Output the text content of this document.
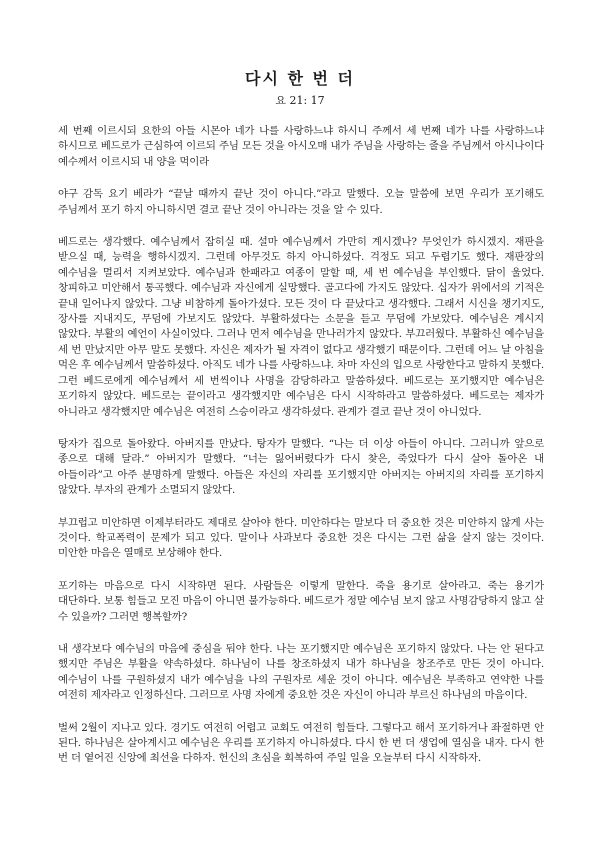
다시 한 번 더
요 21: 17

세 번째 이르시되 요한의 아들 시몬아 네가 나를 사랑하느냐 하시니 주께서 세 번째 네가 나를 사랑하느냐 하시므로 베드로가 근심하여 이르되 주님 모든 것을 아시오매 내가 주님을 사랑하는 줄을 주님께서 아시나이다 예수께서 이르시되 내 양을 먹이라

야구 감독 요기 베라가 “끝날 때까지 끝난 것이 아니다.”라고 말했다. 오늘 말씀에 보면 우리가 포기해도 주님께서 포기 하지 아니하시면 결코 끝난 것이 아니라는 것을 알 수 있다.

베드로는 생각했다. 예수님께서 잡히실 때. 설마 예수님께서 가만히 계시겠나? 무엇인가 하시겠지. 재판을 받으실 때, 능력을 행하시겠지. 그런데 아무것도 하지 아니하셨다. 걱정도 되고 두렵기도 했다. 재판장의 예수님을 멀리서 지켜보았다. 예수님과 한패라고 여종이 말할 때, 세 번 예수님을 부인했다. 닭이 울었다. 창피하고 미안해서 통곡했다. 예수님과 자신에게 실망했다. 골고다에 가지도 않았다. 십자가 위에서의 기적은 끝내 일어나지 않았다. 그냥 비참하게 돌아가셨다. 모든 것이 다 끝났다고 생각했다. 그래서 시신을 챙기지도, 장사를 지내지도, 무덤에 가보지도 않았다. 부활하셨다는 소문을 듣고 무덤에 가보았다. 예수님은 계시지 않았다. 부활의 예언이 사실이었다. 그러나 먼저 예수님을 만나러가지 않았다. 부끄러웠다. 부활하신 예수님을 세 번 만났지만 아무 말도 못했다. 자신은 제자가 될 자격이 없다고 생각했기 때문이다. 그런데 어느 날 아침을 먹은 후 예수님께서 말씀하셨다. 아직도 네가 나를 사랑하느냐. 차마 자신의 입으로 사랑한다고 말하지 못했다. 그런 베드로에게 예수님께서 세 번씩이나 사명을 감당하라고 말씀하셨다. 베드로는 포기했지만 예수님은 포기하지 않았다. 베드로는 끝이라고 생각했지만 예수님은 다시 시작하라고 말씀하셨다. 베드로는 제자가 아니라고 생각했지만 예수님은 여전히 스승이라고 생각하셨다. 관계가 결코 끝난 것이 아니었다.

탕자가 집으로 돌아왔다. 아버지를 만났다. 탕자가 말했다. “나는 더 이상 아들이 아니다. 그러니까 앞으로 종으로 대해 달라.” 아버지가 말했다. “너는 잃어버렸다가 다시 찾은, 죽었다가 다시 살아 돌아온 내 아들이라”고 아주 분명하게 말했다. 아들은 자신의 자리를 포기했지만 아버지는 아버지의 자리를 포기하지 않았다. 부자의 관계가 소멸되지 않았다.

부끄럽고 미안하면 이제부터라도 제대로 살아야 한다. 미안하다는 말보다 더 중요한 것은 미안하지 않게 사는 것이다. 학교폭력이 문제가 되고 있다. 말이나 사과보다 중요한 것은 다시는 그런 삶을 살지 않는 것이다. 미안한 마음은 열매로 보상해야 한다.

포기하는 마음으로 다시 시작하면 된다. 사람들은 이렇게 말한다. 죽을 용기로 살아라고. 죽는 용기가 대단하다. 보통 힘들고 모진 마음이 아니면 불가능하다. 베드로가 정말 예수님 보지 않고 사명감당하지 않고 살 수 있을까? 그러면 행복할까?

내 생각보다 예수님의 마음에 중심을 둬야 한다. 나는 포기했지만 예수님은 포기하지 않았다. 나는 안 된다고 했지만 주님은 부활을 약속하셨다. 하나님이 나를 창조하셨지 내가 하나님을 창조주로 만든 것이 아니다. 예수님이 나를 구원하셨지 내가 예수님을 나의 구원자로 세운 것이 아니다. 예수님은 부족하고 연약한 나를 여전히 제자라고 인정하신다. 그러므로 사명 자에게 중요한 것은 자신이 아니라 부르신 하나님의 마음이다.

벌써 2월이 지나고 있다. 경기도 여전히 어렵고 교회도 여전히 힘들다. 그렇다고 해서 포기하거나 좌절하면 안 된다. 하나님은 살아계시고 예수님은 우리를 포기하지 아니하셨다. 다시 한 번 더 생업에 열심을 내자. 다시 한 번 더 옅어진 신앙에 최선을 다하자. 헌신의 초심을 회복하여 주일 일을 오늘부터 다시 시작하자.
